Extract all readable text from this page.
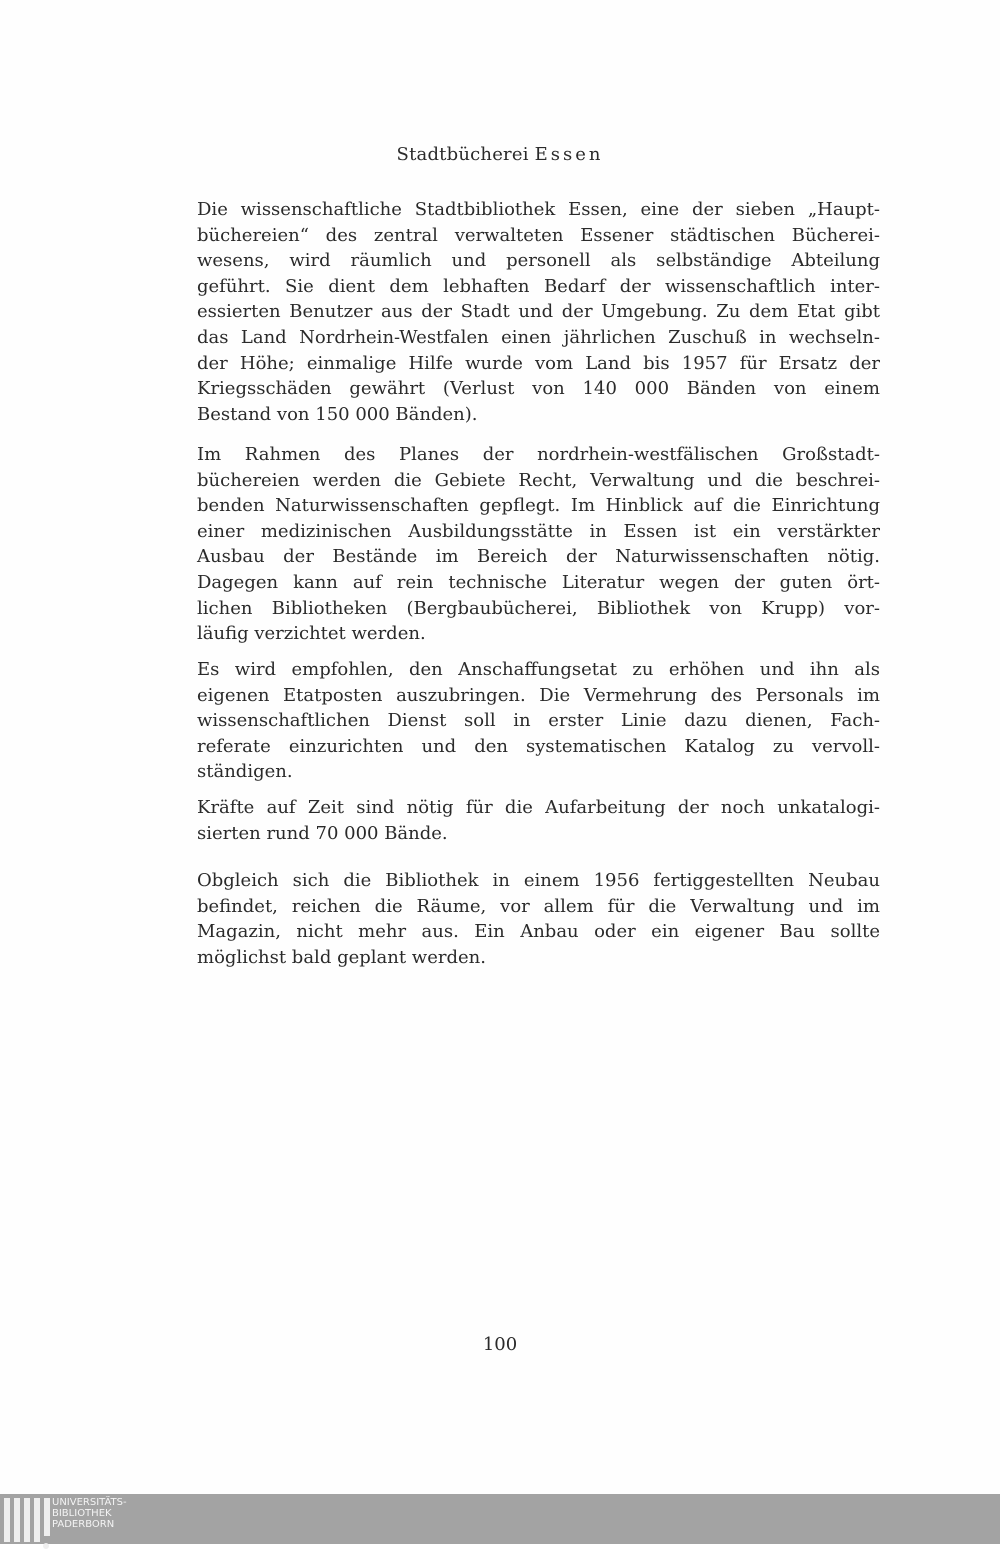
Stadtbücherei Essen
Die wissenschaftliche Stadtbibliothek Essen, eine der sieben „Haupt-
büchereien“ des zentral verwalteten Essener städtischen Bücherei-
wesens, wird räumlich und personell als selbständige Abteilung
geführt. Sie dient dem lebhaften Bedarf der wissenschaftlich inter-
essierten Benutzer aus der Stadt und der Umgebung. Zu dem Etat gibt
das Land Nordrhein-Westfalen einen jährlichen Zuschuß in wechseln-
der Höhe; einmalige Hilfe wurde vom Land bis 1957 für Ersatz der
Kriegsschäden gewährt (Verlust von 140 000 Bänden von einem
Bestand von 150 000 Bänden).
Im Rahmen des Planes der nordrhein-westfälischen Großstadt-
büchereien werden die Gebiete Recht, Verwaltung und die beschrei-
benden Naturwissenschaften gepflegt. Im Hinblick auf die Einrichtung
einer medizinischen Ausbildungsstätte in Essen ist ein verstärkter
Ausbau der Bestände im Bereich der Naturwissenschaften nötig.
Dagegen kann auf rein technische Literatur wegen der guten ört-
lichen Bibliotheken (Bergbaubücherei, Bibliothek von Krupp) vor-
läufig verzichtet werden.
Es wird empfohlen, den Anschaffungsetat zu erhöhen und ihn als
eigenen Etatposten auszubringen. Die Vermehrung des Personals im
wissenschaftlichen Dienst soll in erster Linie dazu dienen, Fach-
referate einzurichten und den systematischen Katalog zu vervoll-
ständigen.
Kräfte auf Zeit sind nötig für die Aufarbeitung der noch unkatalogi-
sierten rund 70 000 Bände.
Obgleich sich die Bibliothek in einem 1956 fertiggestellten Neubau
befindet, reichen die Räume, vor allem für die Verwaltung und im
Magazin, nicht mehr aus. Ein Anbau oder ein eigener Bau sollte
möglichst bald geplant werden.
100
UNIVERSITÄTS-
BIBLIOTHEK
PADERBORN
